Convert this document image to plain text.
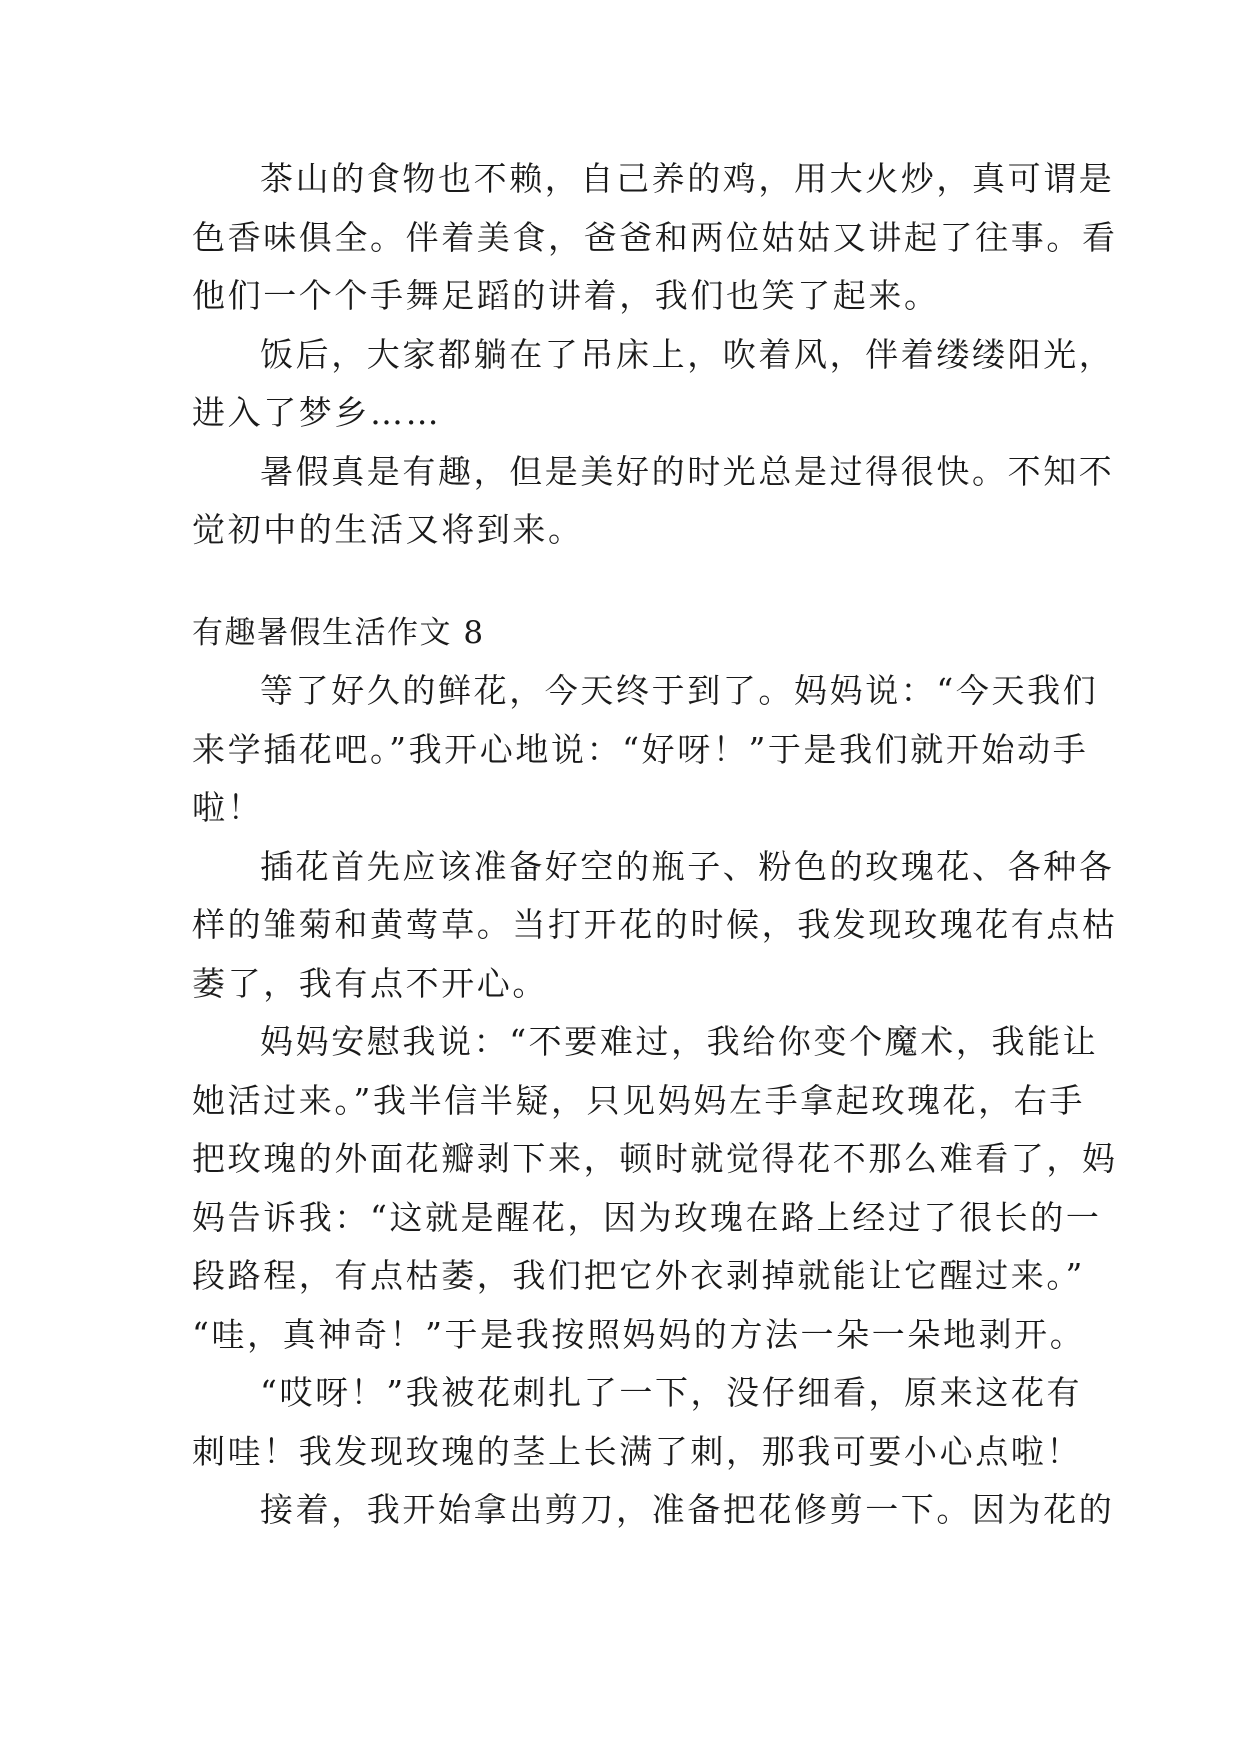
茶山的食物也不赖，自己养的鸡，用大火炒，真可谓是
色香味俱全。伴着美食，爸爸和两位姑姑又讲起了往事。看
他们一个个手舞足蹈的讲着，我们也笑了起来。

饭后，大家都躺在了吊床上，吹着风，伴着缕缕阳光，
进入了梦乡……

暑假真是有趣，但是美好的时光总是过得很快。不知不
觉初中的生活又将到来。

有趣暑假生活作文 8

等了好久的鲜花，今天终于到了。妈妈说：“今天我们
来学插花吧。”我开心地说：“好呀！”于是我们就开始动手
啦！

插花首先应该准备好空的瓶子、粉色的玫瑰花、各种各
样的雏菊和黄莺草。当打开花的时候，我发现玫瑰花有点枯
萎了，我有点不开心。

妈妈安慰我说：“不要难过，我给你变个魔术，我能让
她活过来。”我半信半疑，只见妈妈左手拿起玫瑰花，右手
把玫瑰的外面花瓣剥下来，顿时就觉得花不那么难看了，妈
妈告诉我：“这就是醒花，因为玫瑰在路上经过了很长的一
段路程，有点枯萎，我们把它外衣剥掉就能让它醒过来。”
“哇，真神奇！”于是我按照妈妈的方法一朵一朵地剥开。

“哎呀！”我被花刺扎了一下，没仔细看，原来这花有
刺哇！我发现玫瑰的茎上长满了刺，那我可要小心点啦！

接着，我开始拿出剪刀，准备把花修剪一下。因为花的
